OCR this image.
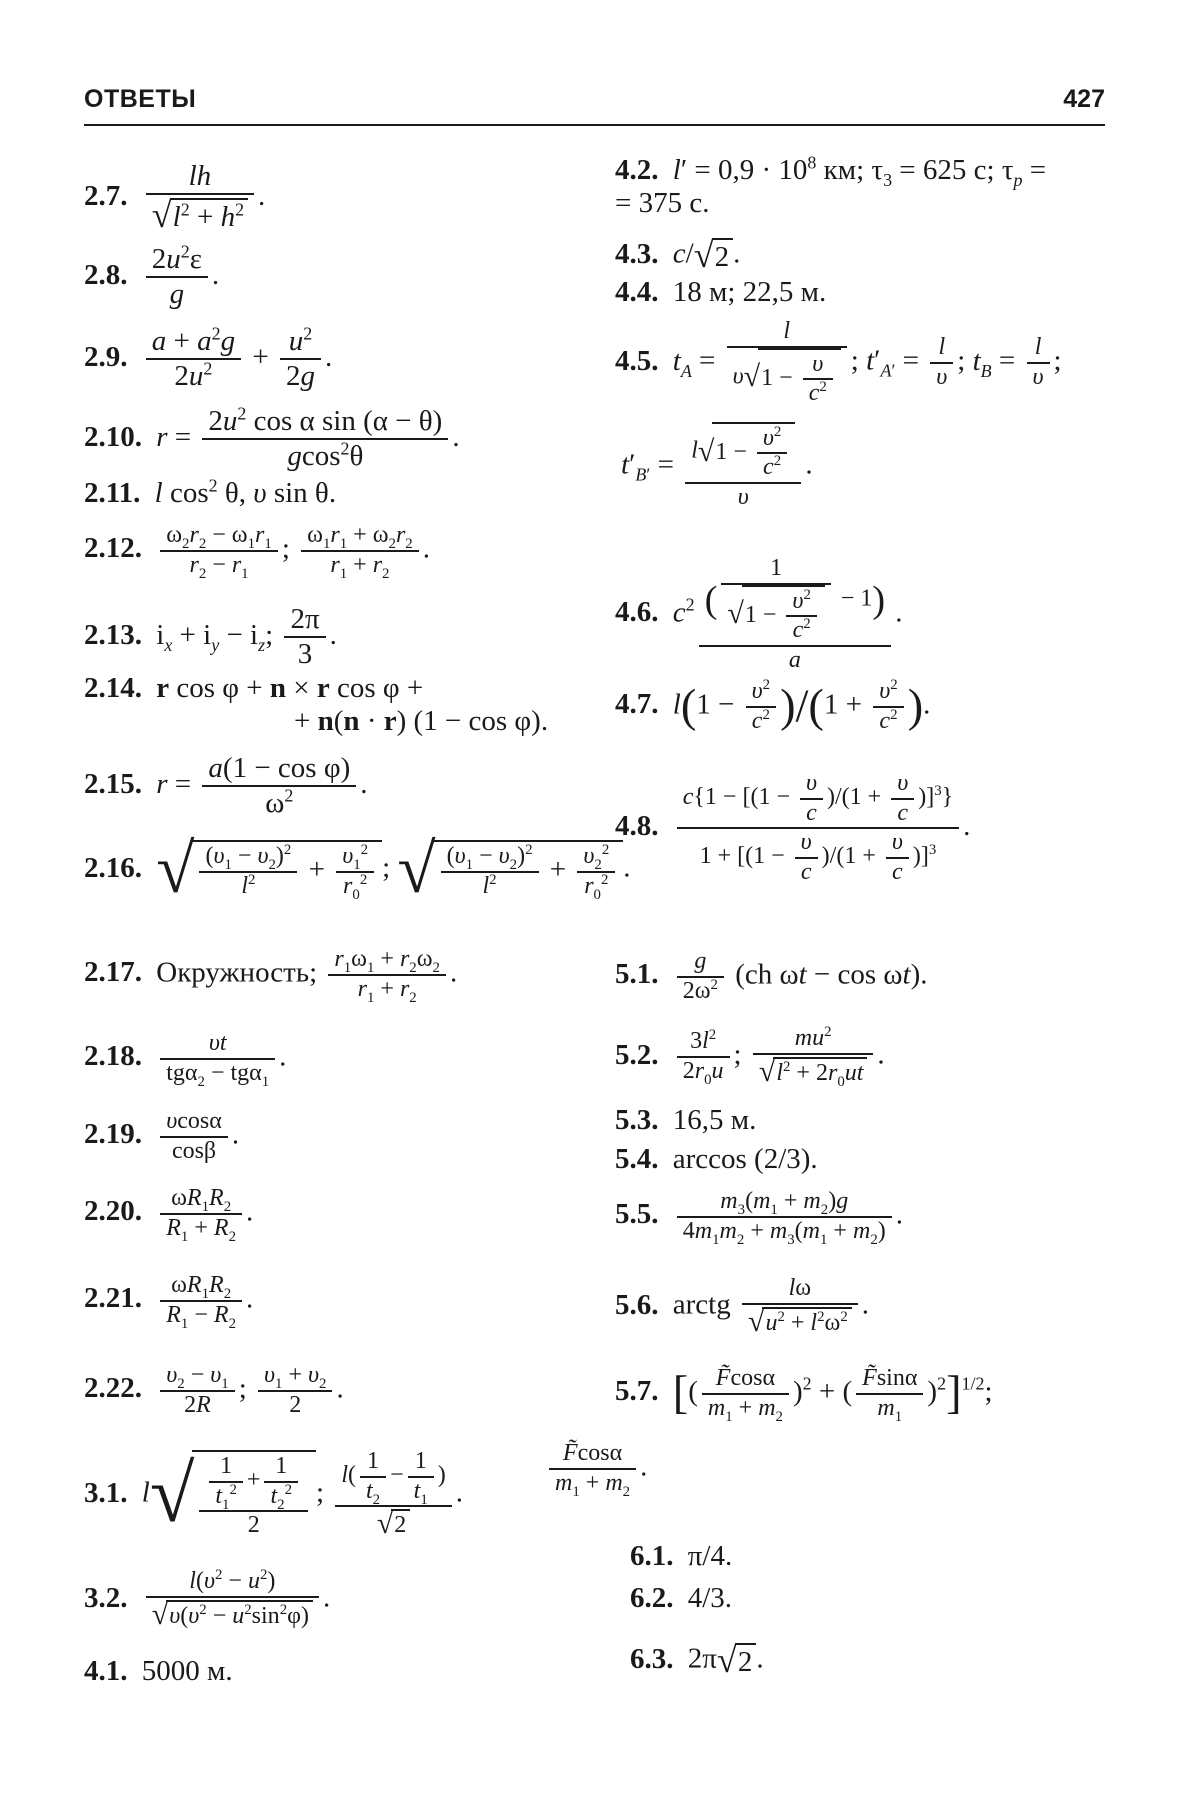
ОТВЕТЫ	427
2.7. $\frac{lh}{√l^2 + h^2}$ .
2.8. $\frac{2u^2\varepsilon}{g}$ .
2.9. $\frac{a + a^2g}{2u^2} + \frac{u^2}{2g}$ .
2.10. $r = \frac{2u^2 \cos \alpha \sin (\alpha - \theta)}{gcos^2\theta}$ .
2.11. l $\cos^2 \theta$, υ sin θ.
2.12. $\frac{\omega_2r_2 - \omega_1r_1}{r_2 - r_1}$ ; $\frac{\omega_1r_1 + \omega_2r_2}{r_1 + r_2}$ .
2.13. $i_x + i_y - i_z$; $\frac{2\pi}{3}$ .
2.14. r cos φ + n × r cos φ +
+ n(n · r) (1 − cos φ).
2.15. $r = \frac{\text{a(1 − cos φ)}}{\omega^2}$ .
2.16. √ $\frac{(\upsilon_1 - \upsilon_2)^2}{l^2} + \frac{\upsilon_1^2}{r_0^2}$ ; √ $\frac{(\upsilon_1 - \upsilon_2)^2}{l^2} + \frac{\upsilon_2^2}{r_0^2}$ .
2.17. Окружность; $\frac{r_1\omega_1 + r_2\omega_2}{r_1 + r_2}$ .
2.18. $\frac{\upsilon t}{tg\alpha_2 - tg\alpha_1}$ .
2.19. $\frac{\upsilon\cos\alpha}{\cos\beta}$ .
2.20. $\frac{\omega R_1R_2}{R_1 + R_2}$ .
2.21. $\frac{\omega R_1R_2}{R_1 - R_2}$ .
2.22. $\frac{\upsilon_2 - \upsilon_1}{2R}$ ; $\frac{\upsilon_1 + \upsilon_2}{2}$ .
3.1. $l√ \frac{\frac{1}{t_1^2} + \frac{1}{t_2^2}}{2}$ ; $\frac{l( \frac{1}{t_2} - \frac{1}{t_1} )}{√2}$ .
3.2. $\frac{l(\upsilon^2 - u^2)}{√\upsilon(\upsilon^2 - u^2\sin^2\varphi)}$ .
4.1. 5000 м.
4.2. $l' = 0,9 \cdot 10^8$ км; $\tau_3 = 625$ с; $\tau_p$ =
= 375 с.
4.3. c/√2 .
4.4. 18 м; 22,5 м.
4.5. $t_A = \frac{l}{\upsilon√1 - \frac{\upsilon}{c^2}}$ ; $t'_{A'} = \frac{l}{\upsilon}$ ; $t_B = \frac{l}{\upsilon}$ ;
$t'_{B'} = \frac{l√1 - \frac{\upsilon^2}{c^2}}{\upsilon}$ .
4.6. $c^2 \frac{( \frac{1}{√1 - \frac{\upsilon^2}{c^2}} - 1)}{a}$ .
4.7. $l(1 - \frac{\upsilon^2}{c^2} )/(1 + \frac{\upsilon^2}{c^2}$ ).
4.8. $\frac{c\{1 - [(1 - \frac{\upsilon}{c} )/(1 + \frac{\upsilon}{c} )]^3\}}{1 + [(1 - \frac{\upsilon}{c} )/(1 + \frac{\upsilon}{c} )]^3}$ .
5.1. $\frac{g}{2\omega^2} (ch$ ωt − cos ωt).
5.2. $\frac{3l^2}{2r_0u}$ ; $\frac{mu^2}{√l^2 + 2r_0ut}$ .
5.3. 16,5 м.
5.4. arccos (2/3).
5.5. $\frac{m_3(m_1 + m_2)g}{4m_1m_2 + m_3(m_1 + m_2)}$ .
5.6. arctg $\frac{l\omega}{√u^2 + l^2\omega^2}$ .
5.7. [( $\frac{F̃\cos\alpha}{m_1 + m_2} )^2$ + ( $\frac{F̃\sin\alpha}{m_1} )^2]^{1/2}$;
$\frac{F̃\cos\alpha}{m_1 + m_2}$ .
6.1. π/4.
6.2. 4/3.
6.3. 2π√2 .
